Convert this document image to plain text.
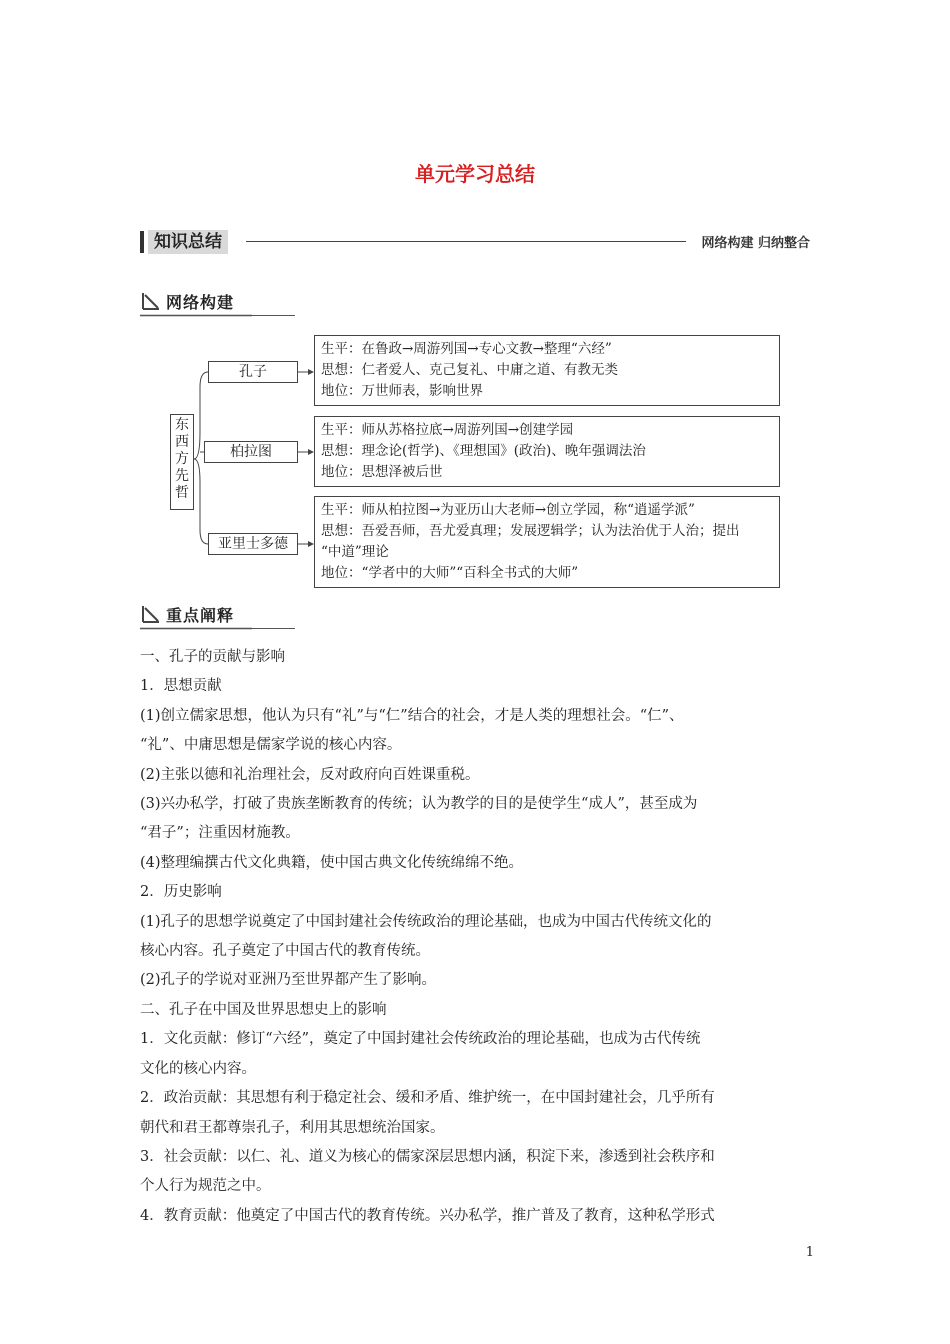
单元学习总结
知识总结	网络构建 归纳整合
网络构建
东
西
方
先
哲
孔子
柏拉图
亚里士多德
生平：在鲁政→周游列国→专心文教→整理“六经”
思想：仁者爱人、克己复礼、中庸之道、有教无类
地位：万世师表，影响世界
生平：师从苏格拉底→周游列国→创建学园
思想：理念论(哲学)、《理想国》(政治)、晚年强调法治
地位：思想泽被后世
生平：师从柏拉图→为亚历山大老师→创立学园，称“逍遥学派”
思想：吾爱吾师，吾尤爱真理；发展逻辑学；认为法治优于人治；提出
“中道”理论
地位：“学者中的大师”“百科全书式的大师”
重点阐释

一、孔子的贡献与影响

1．思想贡献

(1)创立儒家思想，他认为只有“礼”与“仁”结合的社会，才是人类的理想社会。“仁”、

“礼”、中庸思想是儒家学说的核心内容。

(2)主张以德和礼治理社会，反对政府向百姓课重税。

(3)兴办私学，打破了贵族垄断教育的传统；认为教学的目的是使学生“成人”，甚至成为

“君子”；注重因材施教。

(4)整理编撰古代文化典籍，使中国古典文化传统绵绵不绝。

2．历史影响

(1)孔子的思想学说奠定了中国封建社会传统政治的理论基础，也成为中国古代传统文化的

核心内容。孔子奠定了中国古代的教育传统。

(2)孔子的学说对亚洲乃至世界都产生了影响。

二、孔子在中国及世界思想史上的影响

1．文化贡献：修订“六经”，奠定了中国封建社会传统政治的理论基础，也成为古代传统

文化的核心内容。

2．政治贡献：其思想有利于稳定社会、缓和矛盾、维护统一，在中国封建社会，几乎所有

朝代和君王都尊崇孔子，利用其思想统治国家。

3．社会贡献：以仁、礼、道义为核心的儒家深层思想内涵，积淀下来，渗透到社会秩序和

个人行为规范之中。

4．教育贡献：他奠定了中国古代的教育传统。兴办私学，推广普及了教育，这种私学形式

1
